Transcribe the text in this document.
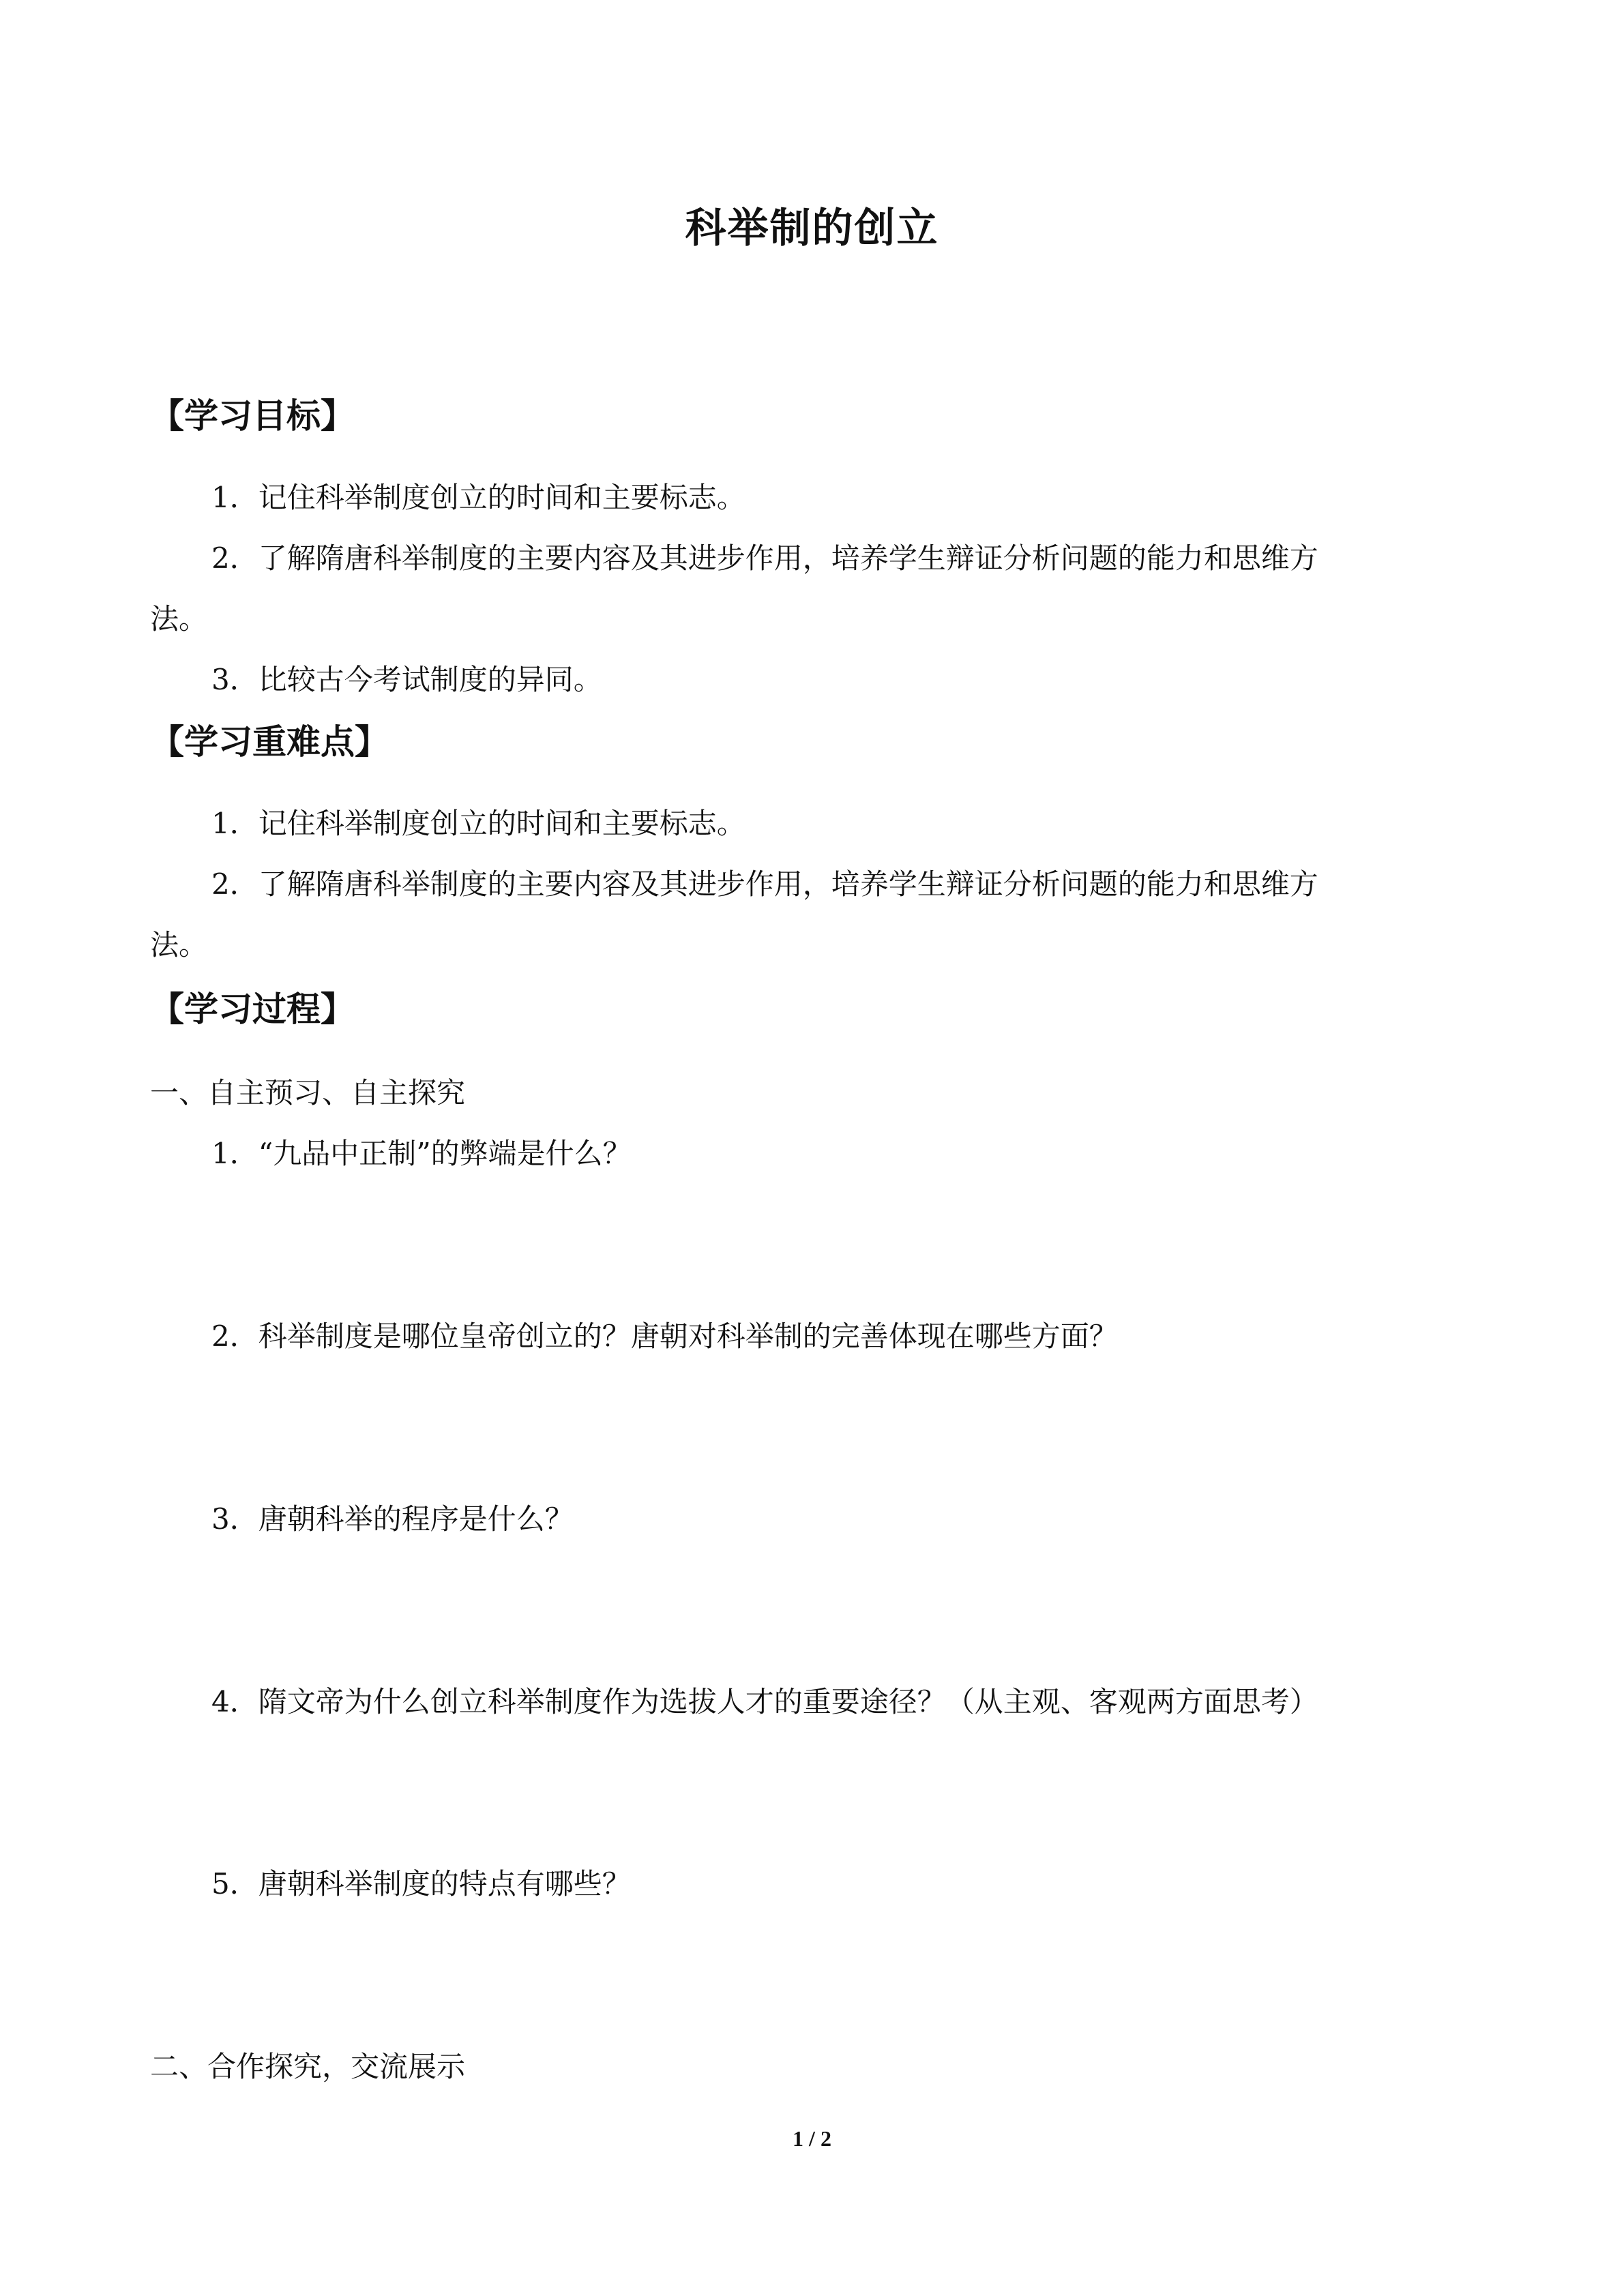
科举制的创立
【学习目标】
1．记住科举制度创立的时间和主要标志。
2．了解隋唐科举制度的主要内容及其进步作用，培养学生辩证分析问题的能力和思维方
法。
3．比较古今考试制度的异同。
【学习重难点】
1．记住科举制度创立的时间和主要标志。
2．了解隋唐科举制度的主要内容及其进步作用，培养学生辩证分析问题的能力和思维方
法。
【学习过程】
一、自主预习、自主探究
1．“九品中正制”的弊端是什么？
2．科举制度是哪位皇帝创立的？唐朝对科举制的完善体现在哪些方面？
3．唐朝科举的程序是什么？
4．隋文帝为什么创立科举制度作为选拔人才的重要途径？（从主观、客观两方面思考）
5．唐朝科举制度的特点有哪些？
二、合作探究，交流展示
1 / 2
